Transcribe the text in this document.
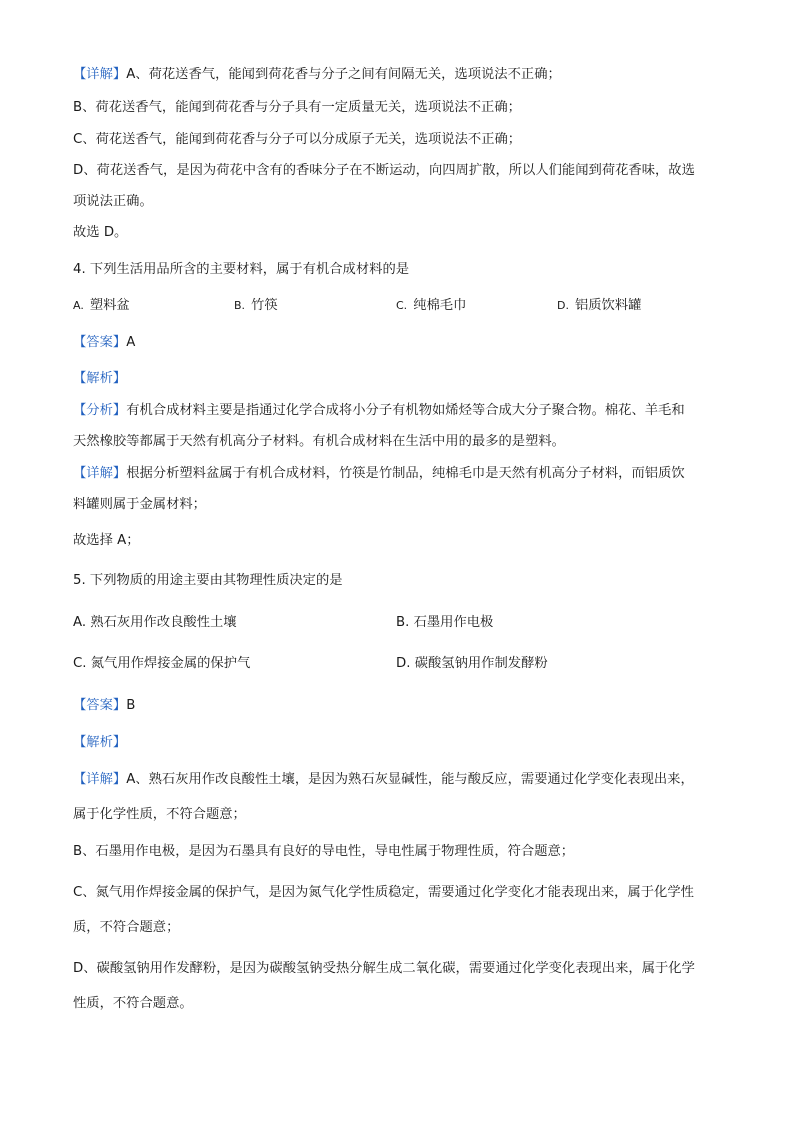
【详解】A、荷花送香气，能闻到荷花香与分子之间有间隔无关，选项说法不正确；
B、荷花送香气，能闻到荷花香与分子具有一定质量无关，选项说法不正确；
C、荷花送香气，能闻到荷花香与分子可以分成原子无关，选项说法不正确；
D、荷花送香气，是因为荷花中含有的香味分子在不断运动，向四周扩散，所以人们能闻到荷花香味，故选
项说法正确。
故选 D。
4. 下列生活用品所含的主要材料，属于有机合成材料的是
A. 塑料盆	B. 竹筷	C. 纯棉毛巾	D. 铝质饮料罐
【答案】A
【解析】
【分析】有机合成材料主要是指通过化学合成将小分子有机物如烯烃等合成大分子聚合物。棉花、羊毛和
天然橡胶等都属于天然有机高分子材料。有机合成材料在生活中用的最多的是塑料。
【详解】根据分析塑料盆属于有机合成材料，竹筷是竹制品，纯棉毛巾是天然有机高分子材料，而铝质饮
料罐则属于金属材料；
故选择 A；
5. 下列物质的用途主要由其物理性质决定的是
A. 熟石灰用作改良酸性土壤	B. 石墨用作电极
C. 氮气用作焊接金属的保护气	D. 碳酸氢钠用作制发酵粉
【答案】B
【解析】
【详解】A、熟石灰用作改良酸性土壤，是因为熟石灰显碱性，能与酸反应，需要通过化学变化表现出来，
属于化学性质，不符合题意；
B、石墨用作电极，是因为石墨具有良好的导电性，导电性属于物理性质，符合题意；
C、氮气用作焊接金属的保护气，是因为氮气化学性质稳定，需要通过化学变化才能表现出来，属于化学性
质，不符合题意；
D、碳酸氢钠用作发酵粉，是因为碳酸氢钠受热分解生成二氧化碳，需要通过化学变化表现出来，属于化学
性质，不符合题意。
